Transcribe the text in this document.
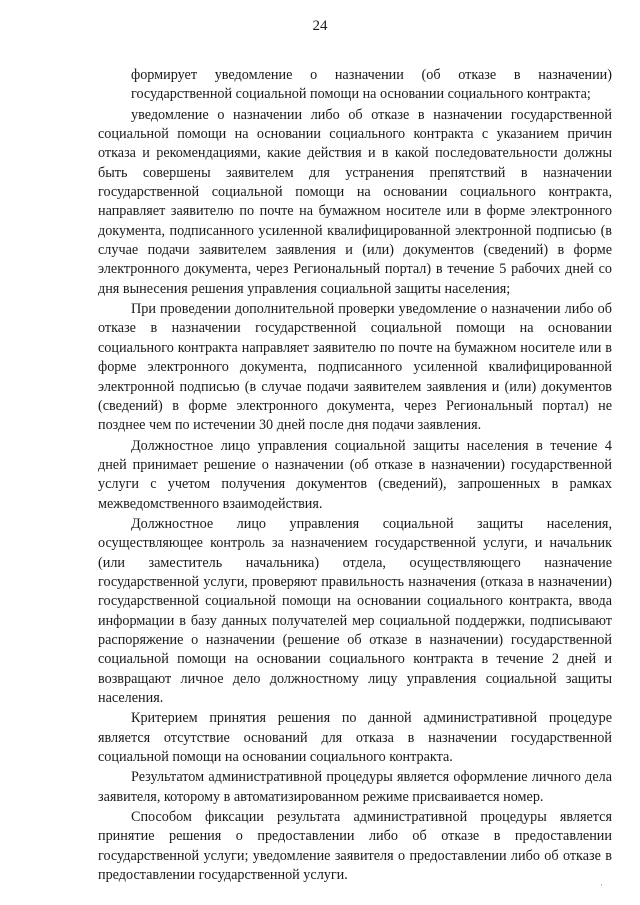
24

формирует уведомление о назначении (об отказе в назначении) государственной социальной помощи на основании социального контракта;

уведомление о назначении либо об отказе в назначении государственной социальной помощи на основании социального контракта с указанием причин отказа и рекомендациями, какие действия и в какой последовательности должны быть совершены заявителем для устранения препятствий в назначении государственной социальной помощи на основании социального контракта, направляет заявителю по почте на бумажном носителе или в форме электронного документа, подписанного усиленной квалифицированной электронной подписью (в случае подачи заявителем заявления и (или) документов (сведений) в форме электронного документа, через Региональный портал) в течение 5 рабочих дней со дня вынесения решения управления социальной защиты населения;

При проведении дополнительной проверки уведомление о назначении либо об отказе в назначении государственной социальной помощи на основании социального контракта направляет заявителю по почте на бумажном носителе или в форме электронного документа, подписанного усиленной квалифицированной электронной подписью (в случае подачи заявителем заявления и (или) документов (сведений) в форме электронного документа, через Региональный портал) не позднее чем по истечении 30 дней после дня подачи заявления.

Должностное лицо управления социальной защиты населения в течение 4 дней принимает решение о назначении (об отказе в назначении) государственной услуги с учетом получения документов (сведений), запрошенных в рамках межведомственного взаимодействия.

Должностное лицо управления социальной защиты населения, осуществляющее контроль за назначением государственной услуги, и начальник (или заместитель начальника) отдела, осуществляющего назначение государственной услуги, проверяют правильность назначения (отказа в назначении) государственной социальной помощи на основании социального контракта, ввода информации в базу данных получателей мер социальной поддержки, подписывают распоряжение о назначении (решение об отказе в назначении) государственной социальной помощи на основании социального контракта в течение 2 дней и возвращают личное дело должностному лицу управления социальной защиты населения.

Критерием принятия решения по данной административной процедуре является отсутствие оснований для отказа в назначении государственной социальной помощи на основании социального контракта.

Результатом административной процедуры является оформление личного дела заявителя, которому в автоматизированном режиме присваивается номер.

Способом фиксации результата административной процедуры является принятие решения о предоставлении либо об отказе в предоставлении государственной услуги; уведомление заявителя о предоставлении либо об отказе в предоставлении государственной услуги.

·
